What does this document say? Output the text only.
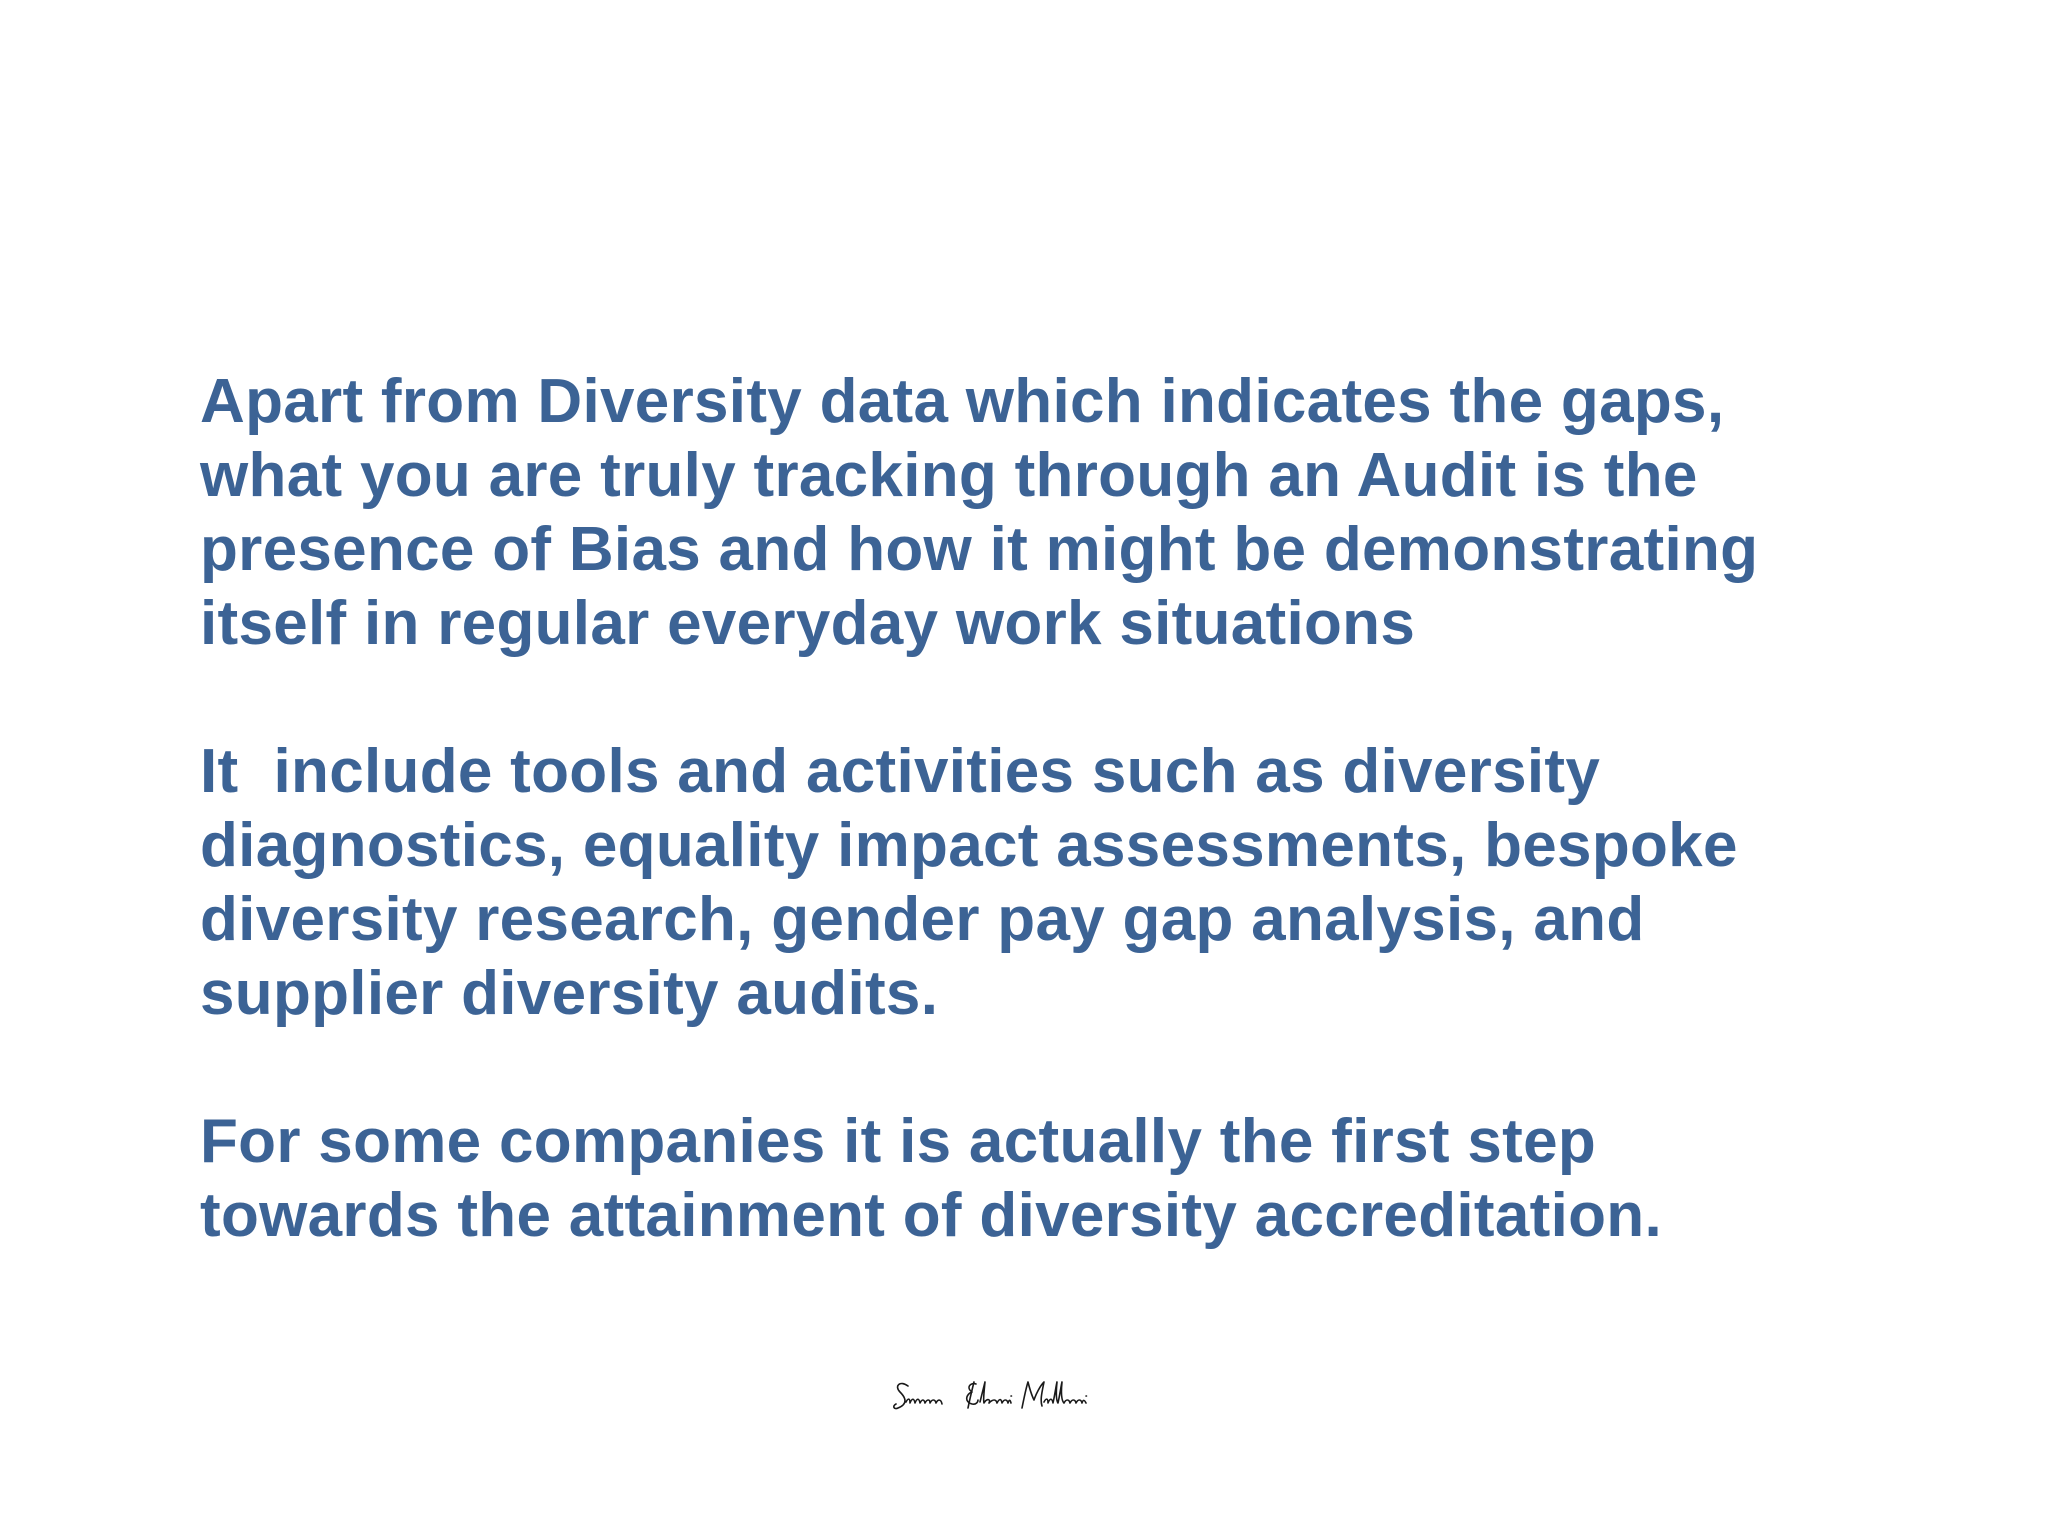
Apart from Diversity data which indicates the gaps,
what you are truly tracking through an Audit is the
presence of Bias and how it might be demonstrating
itself in regular everyday work situations

It  include tools and activities such as diversity
diagnostics, equality impact assessments, bespoke
diversity research, gender pay gap analysis, and
supplier diversity audits.

For some companies it is actually the first step
towards the attainment of diversity accreditation.
